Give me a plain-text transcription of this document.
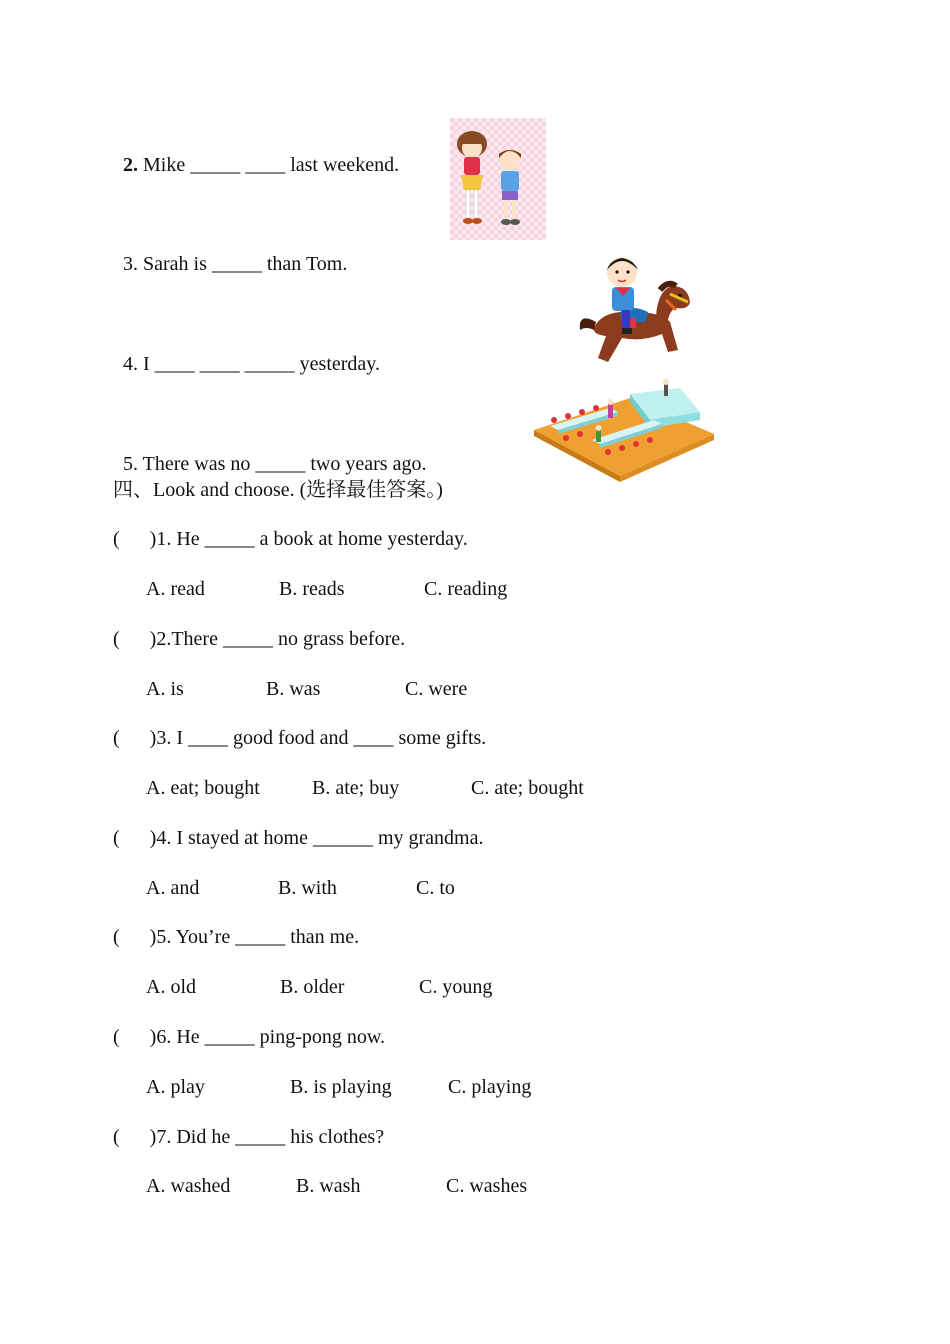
2. Mike _____ ____ last weekend.

3. Sarah is _____ than Tom.

4. I ____ ____ _____ yesterday.

5. There was no _____ two years ago.

四、Look and choose. (选择最佳答案。)
(      )1. He _____ a book at home yesterday.
A. read	B. reads	C. reading
(      )2.There _____ no grass before.
A. is	B. was	C. were
(      )3. I ____ good food and ____ some gifts.
A. eat; bought	B. ate; buy	C. ate; bought
(      )4. I stayed at home ______ my grandma.
A. and	B. with	C. to
(      )5. You’re _____ than me.
A. old	B. older	C. young
(      )6. He _____ ping-pong now.
A. play	B. is playing	C. playing
(      )7. Did he _____ his clothes?
A. washed	B. wash	C. washes
